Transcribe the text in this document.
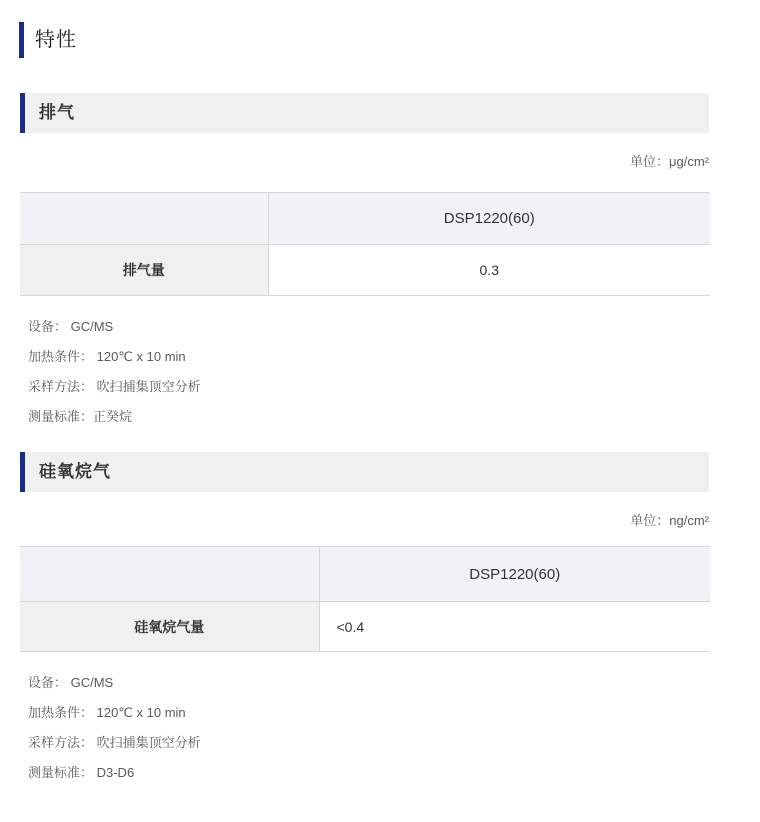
特性
排气
单位：μg/cm²
	DSP1220(60)
排气量	0.3
设备： GC/MS
加热条件： 120℃ x 10 min
采样方法： 吹扫捕集顶空分析
测量标准：正癸烷
硅氧烷气
单位：ng/cm²
	DSP1220(60)
硅氧烷气量	<0.4
设备： GC/MS
加热条件： 120℃ x 10 min
采样方法： 吹扫捕集顶空分析
测量标准： D3-D6
